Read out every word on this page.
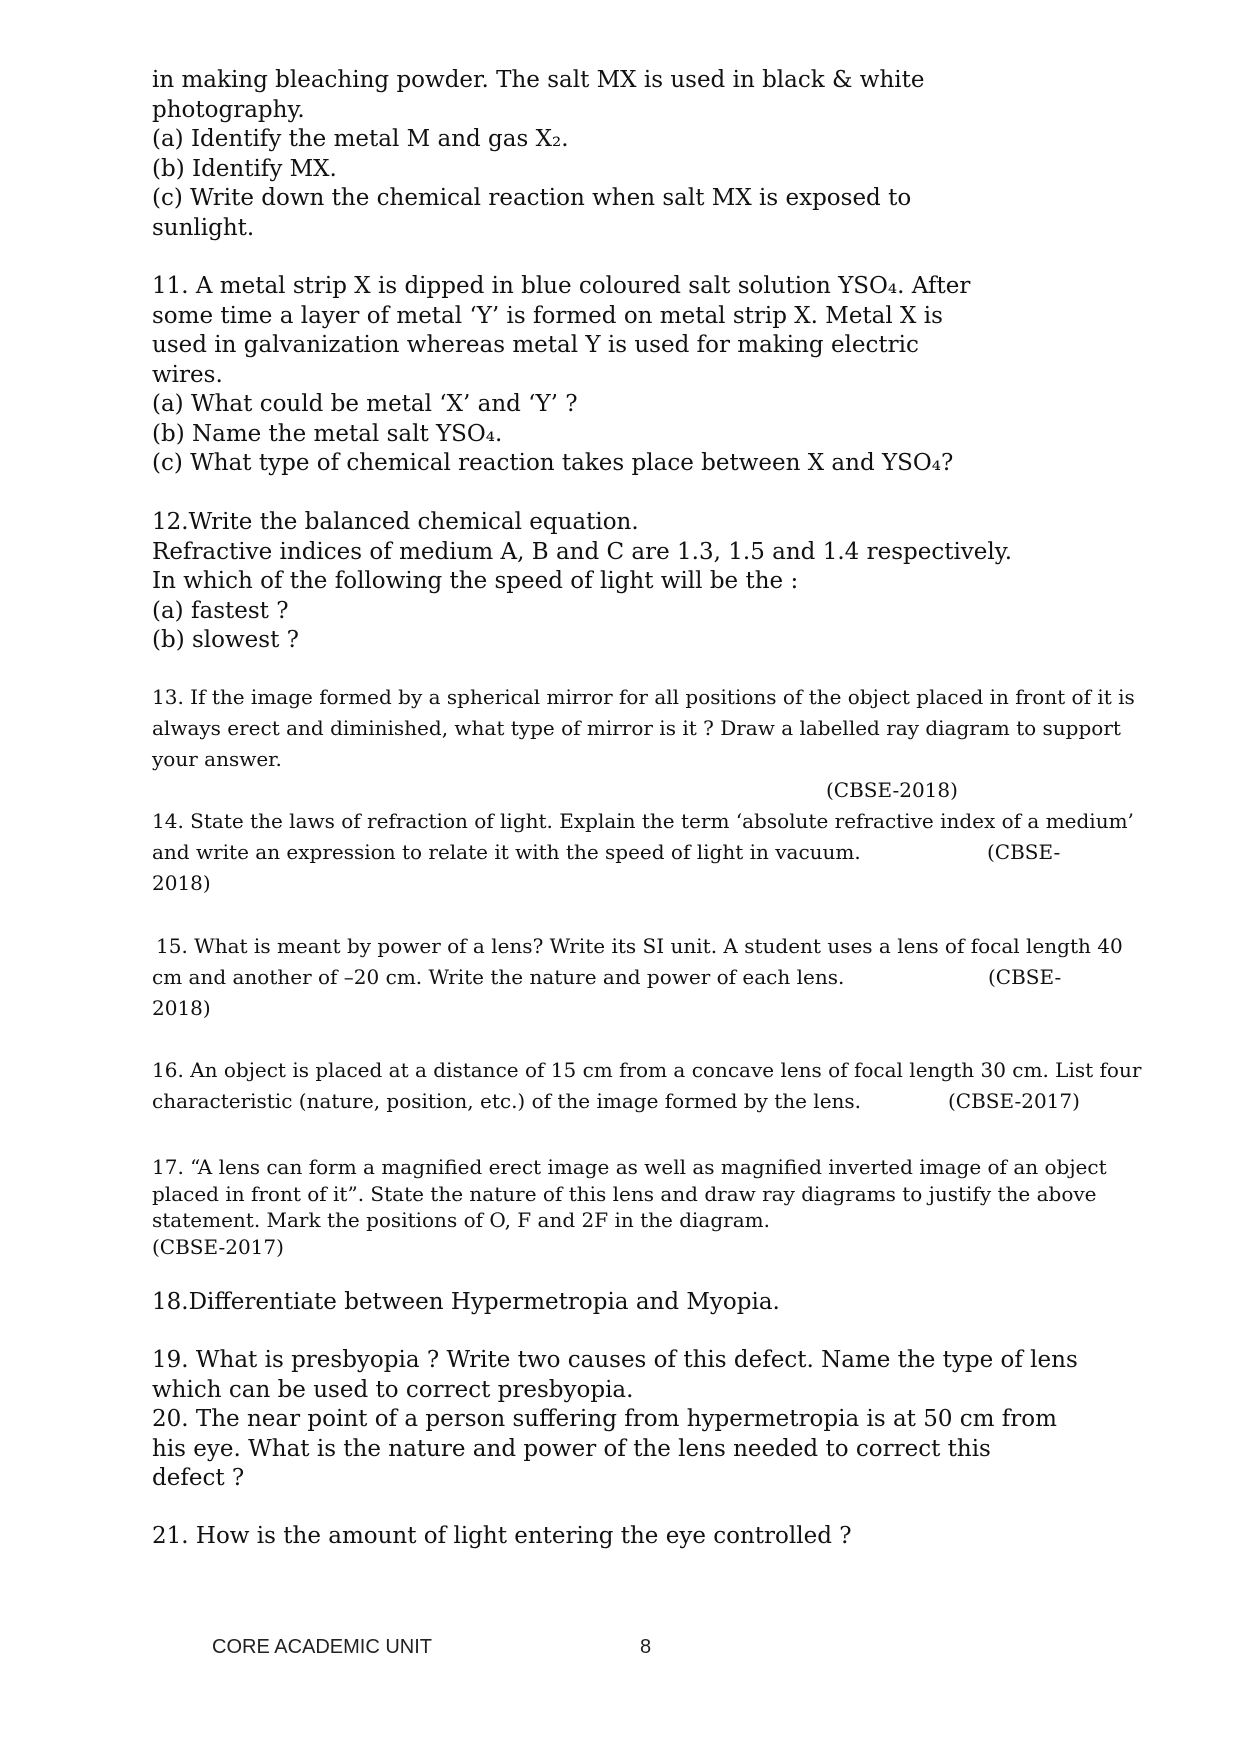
in making bleaching powder. The salt MX is used in black & white
photography.
(a) Identify the metal M and gas X₂.
(b) Identify MX.
(c) Write down the chemical reaction when salt MX is exposed to
sunlight.
11. A metal strip X is dipped in blue coloured salt solution YSO₄. After
some time a layer of metal ‘Y’ is formed on metal strip X. Metal X is
used in galvanization whereas metal Y is used for making electric
wires.
(a) What could be metal ‘X’ and ‘Y’ ?
(b) Name the metal salt YSO₄.
(c) What type of chemical reaction takes place between X and YSO₄?
12.Write the balanced chemical equation.
Refractive indices of medium A, B and C are 1.3, 1.5 and 1.4 respectively.
In which of the following the speed of light will be the :
(a) fastest ?
(b) slowest ?
13. If the image formed by a spherical mirror for all positions of the object placed in front of it is
always erect and diminished, what type of mirror is it ? Draw a labelled ray diagram to support
your answer.
(CBSE-2018)
14. State the laws of refraction of light. Explain the term ‘absolute refractive index of a medium’
and write an expression to relate it with the speed of light in vacuum.	(CBSE-
2018)
15. What is meant by power of a lens? Write its SI unit. A student uses a lens of focal length 40
cm and another of –20 cm. Write the nature and power of each lens.	(CBSE-
2018)
16. An object is placed at a distance of 15 cm from a concave lens of focal length 30 cm. List four
characteristic (nature, position, etc.) of the image formed by the lens.	(CBSE-2017)
17. “A lens can form a magnified erect image as well as magnified inverted image of an object
placed in front of it”. State the nature of this lens and draw ray diagrams to justify the above
statement. Mark the positions of O, F and 2F in the diagram.
(CBSE-2017)
18.Differentiate between Hypermetropia and Myopia.
19. What is presbyopia ? Write two causes of this defect. Name the type of lens
which can be used to correct presbyopia.
20. The near point of a person suffering from hypermetropia is at 50 cm from
his eye. What is the nature and power of the lens needed to correct this
defect ?
21. How is the amount of light entering the eye controlled ?
CORE ACADEMIC UNIT	8
